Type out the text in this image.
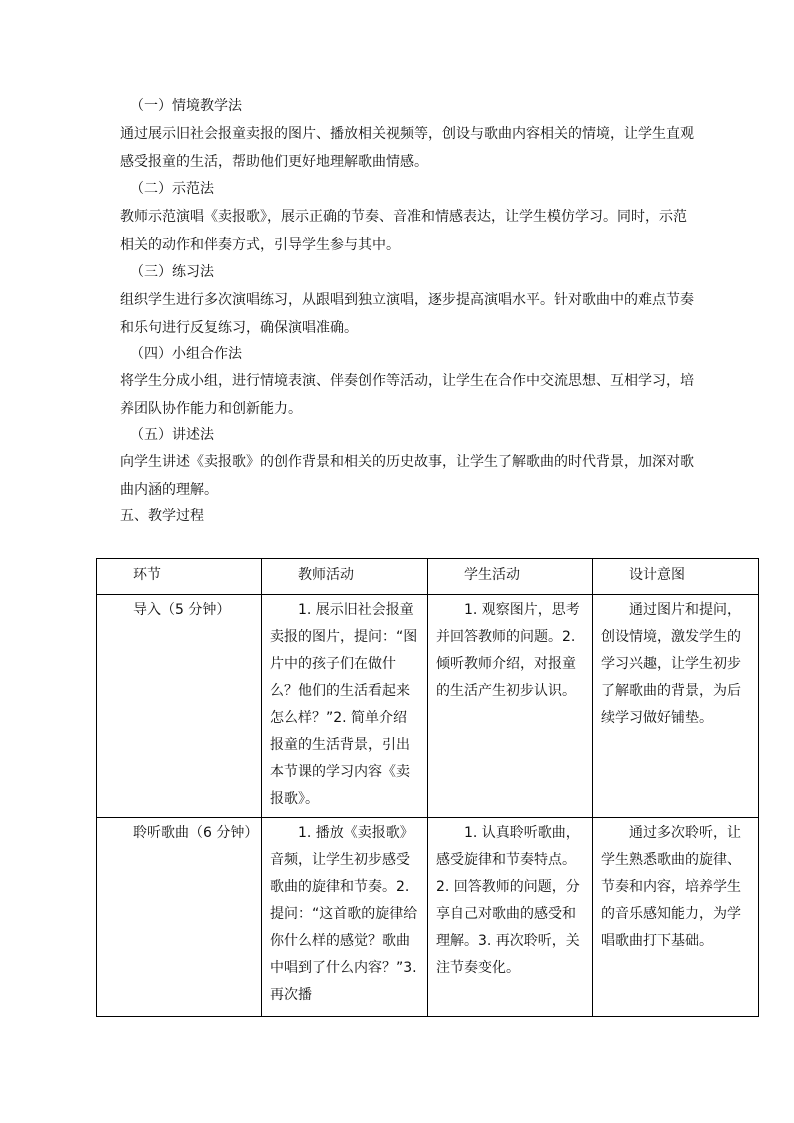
（一）情境教学法

通过展示旧社会报童卖报的图片、播放相关视频等，创设与歌曲内容相关的情境，让学生直观感受报童的生活，帮助他们更好地理解歌曲情感。

（二）示范法

教师示范演唱《卖报歌》，展示正确的节奏、音准和情感表达，让学生模仿学习。同时，示范相关的动作和伴奏方式，引导学生参与其中。

（三）练习法

组织学生进行多次演唱练习，从跟唱到独立演唱，逐步提高演唱水平。针对歌曲中的难点节奏和乐句进行反复练习，确保演唱准确。

（四）小组合作法

将学生分成小组，进行情境表演、伴奏创作等活动，让学生在合作中交流思想、互相学习，培养团队协作能力和创新能力。

（五）讲述法

向学生讲述《卖报歌》的创作背景和相关的历史故事，让学生了解歌曲的时代背景，加深对歌曲内涵的理解。

五、教学过程

环节	教师活动	学生活动	设计意图

导入（5 分钟）	1. 展示旧社会报童卖报的图片，提问：“图片中的孩子们在做什么？他们的生活看起来怎么样？”2. 简单介绍报童的生活背景，引出本节课的学习内容《卖报歌》。	1. 观察图片，思考并回答教师的问题。2. 倾听教师介绍，对报童的生活产生初步认识。	通过图片和提问，创设情境，激发学生的学习兴趣，让学生初步了解歌曲的背景，为后续学习做好铺垫。

聆听歌曲（6 分钟）	1. 播放《卖报歌》音频，让学生初步感受歌曲的旋律和节奏。2. 提问：“这首歌的旋律给你什么样的感觉？歌曲中唱到了什么内容？”3. 再次播	1. 认真聆听歌曲，感受旋律和节奏特点。2. 回答教师的问题，分享自己对歌曲的感受和理解。3. 再次聆听，关注节奏变化。	通过多次聆听，让学生熟悉歌曲的旋律、节奏和内容，培养学生的音乐感知能力，为学唱歌曲打下基础。
